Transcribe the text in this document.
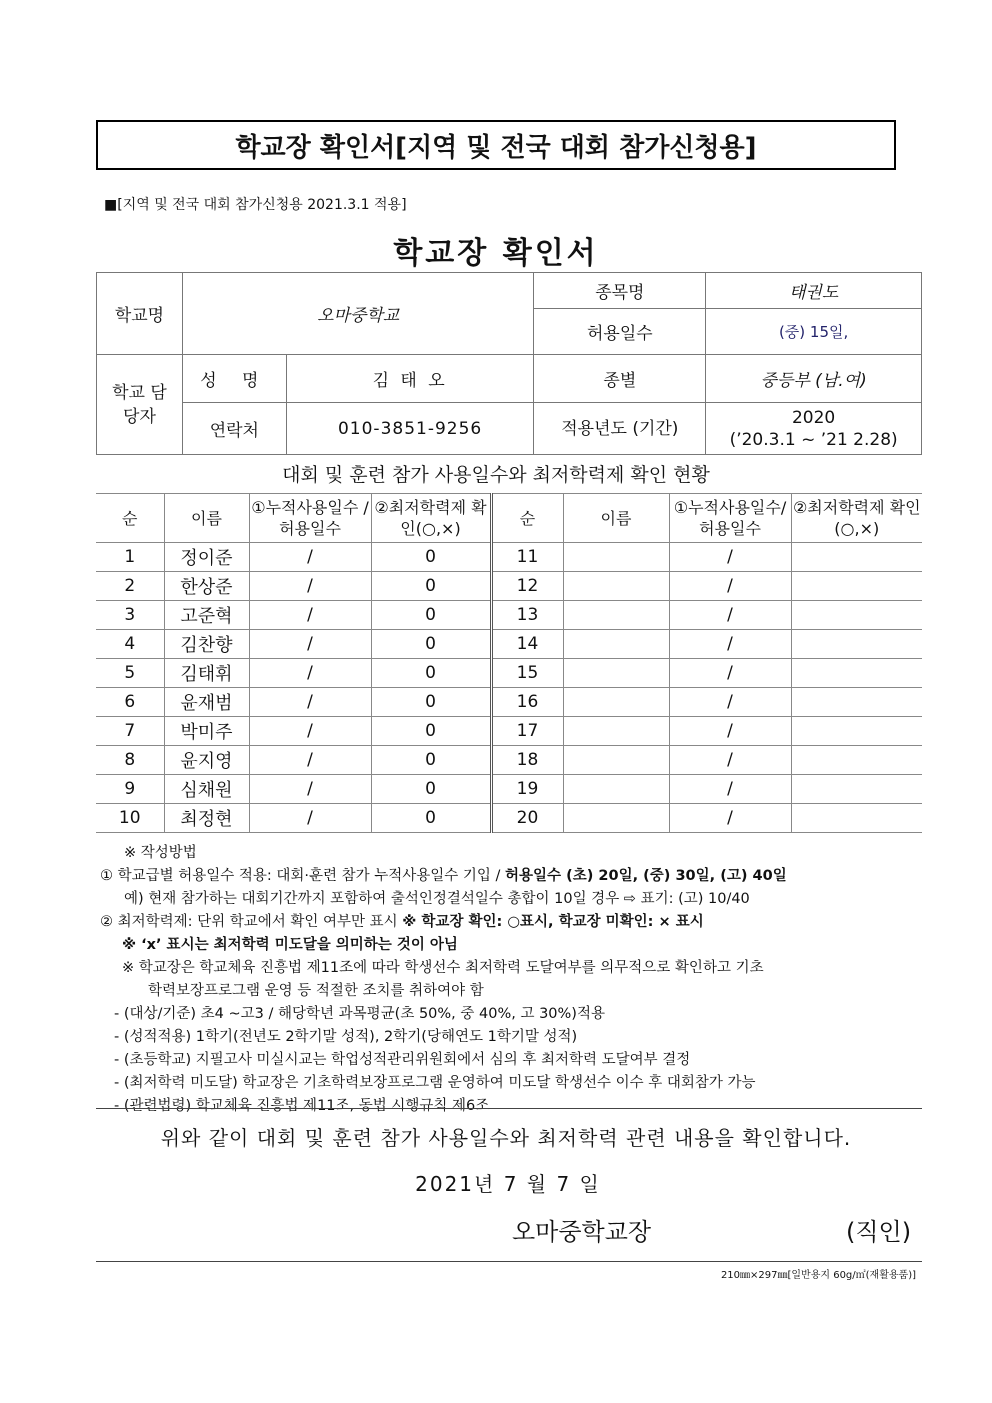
학교장 확인서[지역 및 전국 대회 참가신청용]
■[지역 및 전국 대회 참가신청용 2021.3.1 적용]
학교장 확인서
학교명	오마중학교		종목명	태권도
			허용일수	(중) 15일,
학교 담당자	성 명	김 태 오	종별	중등부 (남.여)
	연락처	010-3851-9256	적용년도 (기간)	2020
(’20.3.1 ~ ’21 2.28)
대회 및 훈련 참가 사용일수와 최저학력제 확인 현황
순	이름	①누적사용일수 /허용일수	②최저학력제 확인(○,×)	순	이름	①누적사용일수/ 허용일수	②최저학력제 확인(○,×)
1	정이준	/	0	11		/	
2	한상준	/	0	12		/	
3	고준혁	/	0	13		/	
4	김찬향	/	0	14		/	
5	김태휘	/	0	15		/	
6	윤재범	/	0	16		/	
7	박미주	/	0	17		/	
8	윤지영	/	0	18		/	
9	심채원	/	0	19		/	
10	최정현	/	0	20		/	
※ 작성방법
① 학교급별 허용일수 적용: 대회·훈련 참가 누적사용일수 기입 / 허용일수 (초) 20일, (중) 30일, (고) 40일
예) 현재 참가하는 대회기간까지 포함하여 출석인정결석일수 총합이 10일 경우 ⇨ 표기: (고) 10/40
② 최저학력제: 단위 학교에서 확인 여부만 표시 ※ 학교장 확인: ○표시, 학교장 미확인: × 표시
※ ‘x’ 표시는 최저학력 미도달을 의미하는 것이 아님
※ 학교장은 학교체육 진흥법 제11조에 따라 학생선수 최저학력 도달여부를 의무적으로 확인하고 기초
학력보장프로그램 운영 등 적절한 조치를 취하여야 함
- (대상/기준) 초4 ~고3 / 해당학년 과목평균(초 50%, 중 40%, 고 30%)적용
- (성적적용) 1학기(전년도 2학기말 성적), 2학기(당해연도 1학기말 성적)
- (초등학교) 지필고사 미실시교는 학업성적관리위원회에서 심의 후 최저학력 도달여부 결정
- (최저학력 미도달) 학교장은 기초학력보장프로그램 운영하여 미도달 학생선수 이수 후 대회참가 가능
- (관련법령) 학교체육 진흥법 제11조, 동법 시행규칙 제6조
위와 같이 대회 및 훈련 참가 사용일수와 최저학력 관련 내용을 확인합니다.
2021년 7 월 7 일
오마중학교장	(직인)
210㎜×297㎜[일반용지 60g/㎡(재활용품)]
